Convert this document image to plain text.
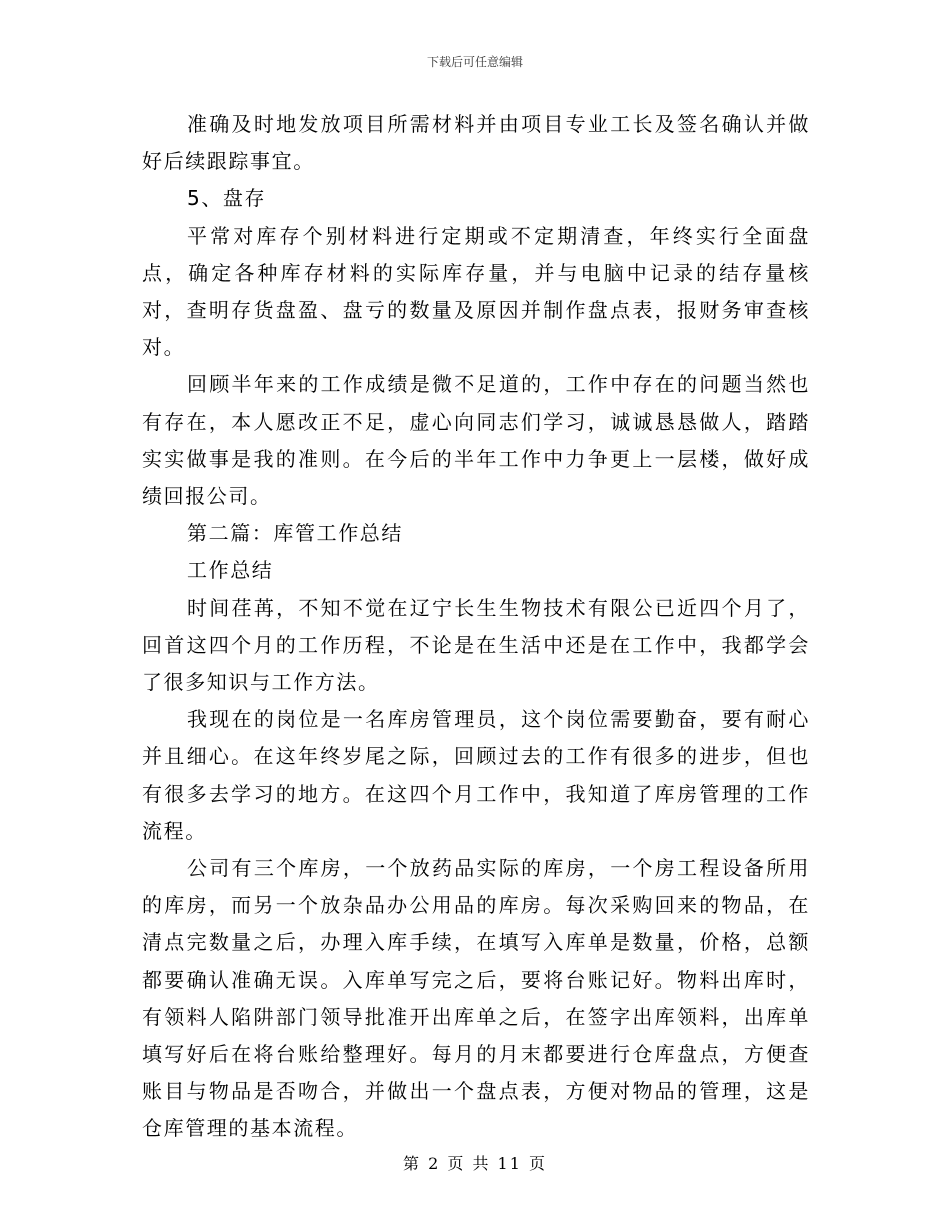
下载后可任意编辑

准确及时地发放项目所需材料并由项目专业工长及签名确认并做好后续跟踪事宜。

5、盘存

平常对库存个别材料进行定期或不定期清查，年终实行全面盘点，确定各种库存材料的实际库存量，并与电脑中记录的结存量核对，查明存货盘盈、盘亏的数量及原因并制作盘点表，报财务审查核对。

回顾半年来的工作成绩是微不足道的，工作中存在的问题当然也有存在，本人愿改正不足，虚心向同志们学习，诚诚恳恳做人，踏踏实实做事是我的准则。在今后的半年工作中力争更上一层楼，做好成绩回报公司。

第二篇：库管工作总结

工作总结

时间荏苒，不知不觉在辽宁长生生物技术有限公已近四个月了，回首这四个月的工作历程，不论是在生活中还是在工作中，我都学会了很多知识与工作方法。

我现在的岗位是一名库房管理员，这个岗位需要勤奋，要有耐心并且细心。在这年终岁尾之际，回顾过去的工作有很多的进步，但也有很多去学习的地方。在这四个月工作中，我知道了库房管理的工作流程。

公司有三个库房，一个放药品实际的库房，一个房工程设备所用的库房，而另一个放杂品办公用品的库房。每次采购回来的物品，在清点完数量之后，办理入库手续，在填写入库单是数量，价格，总额都要确认准确无误。入库单写完之后，要将台账记好。物料出库时，有领料人陷阱部门领导批准开出库单之后，在签字出库领料，出库单填写好后在将台账给整理好。每月的月末都要进行仓库盘点，方便查账目与物品是否吻合，并做出一个盘点表，方便对物品的管理，这是仓库管理的基本流程。

第 2 页 共 11 页
